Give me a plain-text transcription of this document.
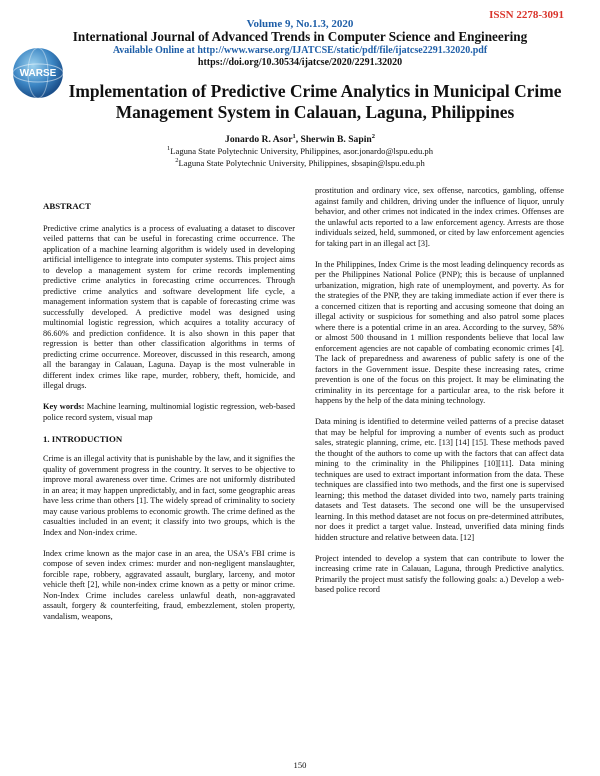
ISSN 2278-3091
Volume 9, No.1.3, 2020
International Journal of Advanced Trends in Computer Science and Engineering
Available Online at http://www.warse.org/IJATCSE/static/pdf/file/ijatcse2291.32020.pdf
https://doi.org/10.30534/ijatcse/2020/2291.32020
WARSE
Implementation of Predictive Crime Analytics in Municipal Crime Management System in Calauan, Laguna, Philippines
Jonardo R. Asor$^1$, Sherwin B. Sapin$^2$
$^1$Laguna State Polytechnic University, Philippines, asor.jonardo@lspu.edu.ph
$^2$Laguna State Polytechnic University, Philippines, sbsapin@lspu.edu.ph

ABSTRACT

Predictive crime analytics is a process of evaluating a dataset to discover veiled patterns that can be useful in forecasting crime occurrence. The application of a machine learning algorithm is widely used in developing artificial intelligence to integrate into computer systems. This project aims to develop a management system for crime records implementing predictive crime analytics in forecasting crime occurrences. Through predictive crime analytics and software development life cycle, a management information system that is capable of forecasting crime was successfully developed. A predictive model was designed using multinomial logistic regression, which acquires a totality accuracy of 86.60% and prediction confidence. It is also shown in this paper that regression is better than other classification algorithms in terms of predicting crime occurrence. Moreover, discussed in this research, among all the barangay in Calauan, Laguna. Dayap is the most vulnerable in different index crimes like rape, murder, robbery, theft, homicide, and illegal drugs.

Key words: Machine learning, multinomial logistic regression, web-based police record system, visual map

1. INTRODUCTION

Crime is an illegal activity that is punishable by the law, and it signifies the quality of government progress in the country. It serves to be objective to improve moral awareness over time. Crimes are not uniformly distributed in an area; it may happen unpredictably, and in fact, some geographic areas have less crime than others [1]. The widely spread of criminality to society may cause various problems to economic growth. The crime defined as the casualties included in an event; it classify into two groups, which is the Index and Non-index crime.

Index crime known as the major case in an area, the USA's FBI crime is compose of seven index crimes: murder and non-negligent manslaughter, forcible rape, robbery, aggravated assault, burglary, larceny, and motor vehicle theft [2], while non-index crime known as a petty or minor crime. Non-Index Crime includes careless unlawful death, non-aggravated assault, forgery & counterfeiting, fraud, embezzlement, stolen property, vandalism, weapons,

prostitution and ordinary vice, sex offense, narcotics, gambling, offense against family and children, driving under the influence of liquor, unruly behavior, and other crimes not indicated in the index crimes. Offenses are the unlawful acts reported to a law enforcement agency. Arrests are those individuals seized, held, summoned, or cited by law enforcement agencies for taking part in an illegal act [3].

In the Philippines, Index Crime is the most leading delinquency records as per the Philippines National Police (PNP); this is because of unplanned urbanization, migration, high rate of unemployment, and poverty. As for the strategies of the PNP, they are taking immediate action if ever there is a concerned citizen that is reporting and accusing someone that doing an illegal activity or suspicious for something and also patrol some places where there is a potential crime in an area. According to the survey, 58% or almost 500 thousand in 1 million respondents believe that local law enforcement agencies are not capable of combating economic crimes [4]. The lack of preparedness and awareness of public safety is one of the factors in the Government issue. Despite these increasing rates, crime prevention is one of the focus on this project. It may be eliminating the criminality in its percentage for a particular area, to the risk before it happens by the help of the data mining technology.

Data mining is identified to determine veiled patterns of a precise dataset that may be helpful for improving a number of events such as product sales, strategic planning, crime, etc. [13] [14] [15]. These methods paved the thought of the authors to come up with the factors that can affect data mining to the criminality in the Philippines [10][11]. Data mining techniques are used to extract important information from the data. These techniques are classified into two methods, and the first one is supervised learning; this method the dataset divided into two, namely parts training datasets and Test datasets. The second one will be the unsupervised learning. In this method dataset are not focus on pre-determined attributes, nor does it predict a target value. Instead, unverified data mining finds hidden structure and relative between data. [12]

Project intended to develop a system that can contribute to lower the increasing crime rate in Calauan, Laguna, through Predictive analytics. Primarily the project must satisfy the following goals: a.) Develop a web-based police record

150
